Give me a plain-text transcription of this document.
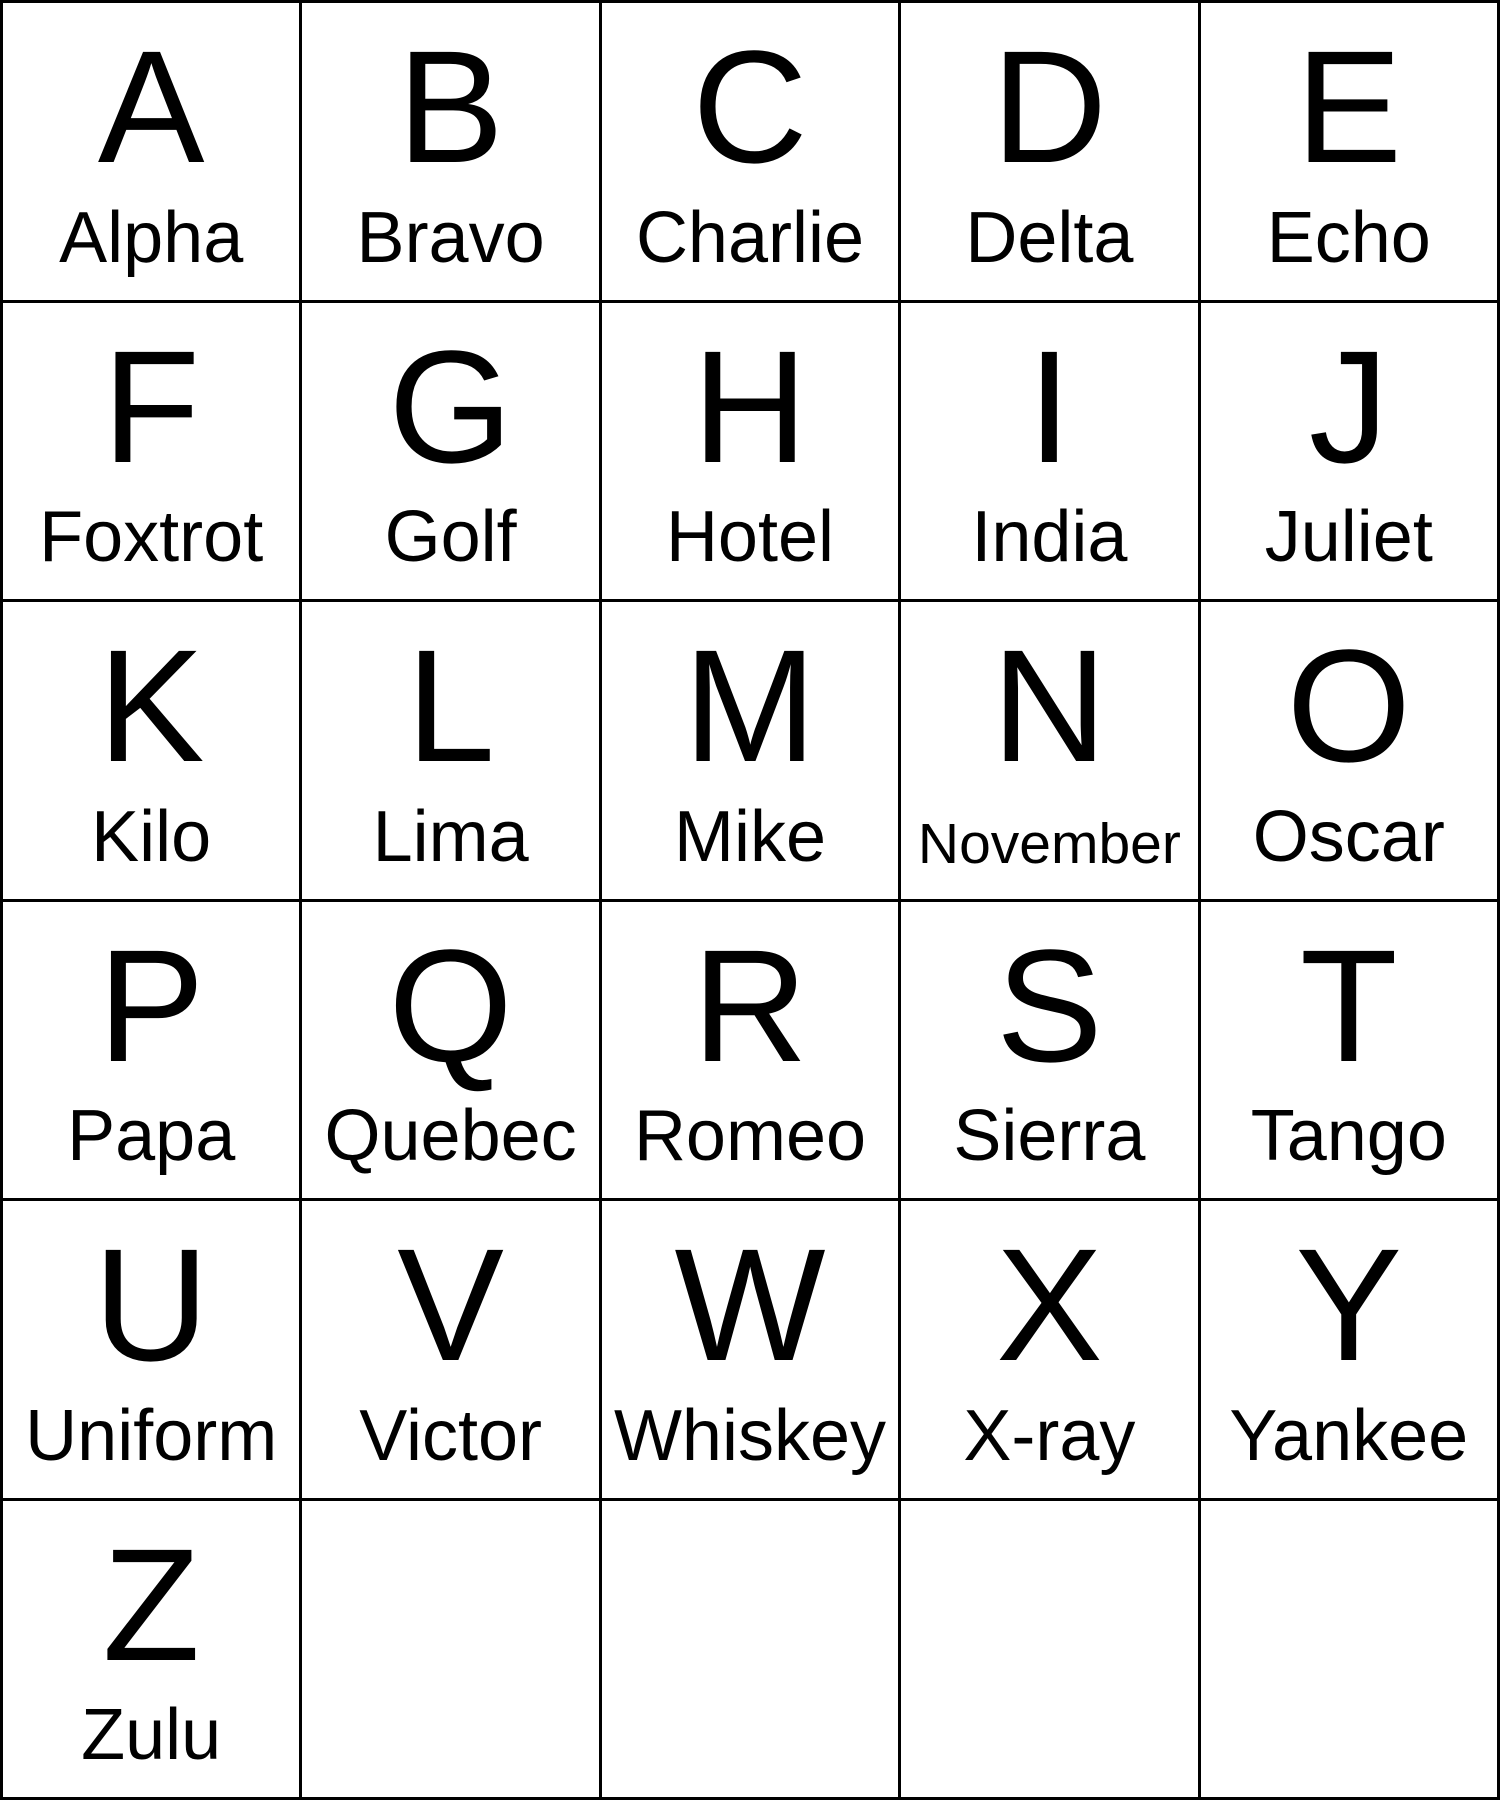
A
Alpha
B
Bravo
C
Charlie
D
Delta
E
Echo
F
Foxtrot
G
Golf
H
Hotel
I
India
J
Juliet
K
Kilo
L
Lima
M
Mike
N
November
O
Oscar
P
Papa
Q
Quebec
R
Romeo
S
Sierra
T
Tango
U
Uniform
V
Victor
W
Whiskey
X
X-ray
Y
Yankee
Z
Zulu
